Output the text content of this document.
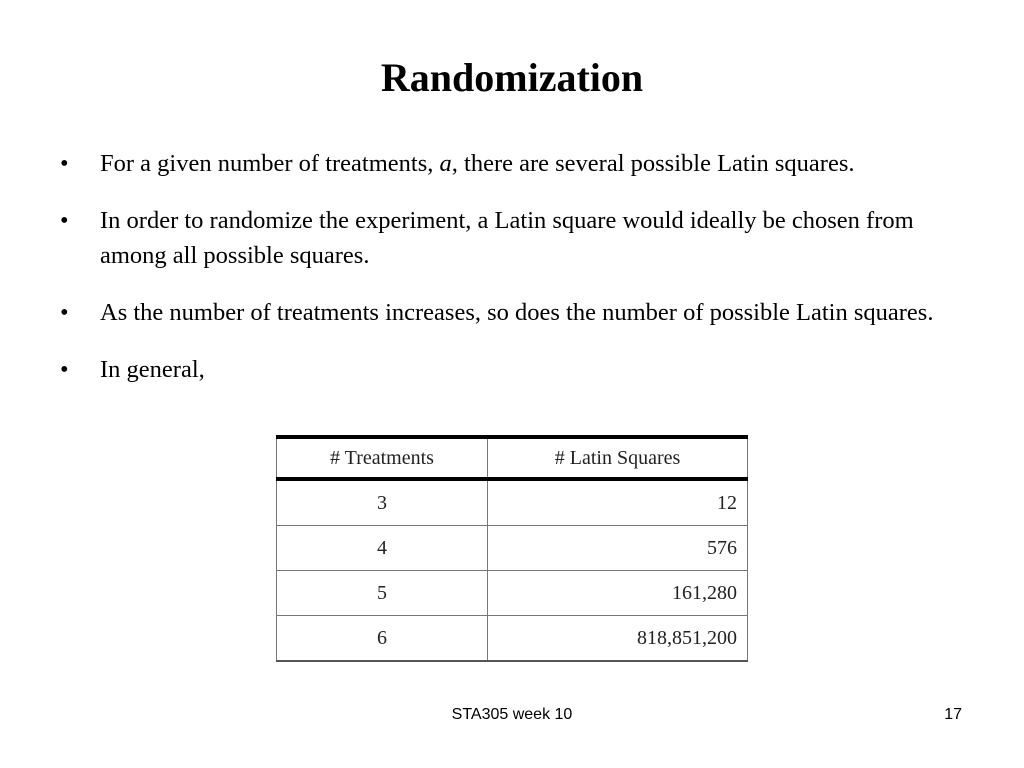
Randomization
• For a given number of treatments, a, there are several possible Latin squares.
• In order to randomize the experiment, a Latin square would ideally be chosen from among all possible squares.
• As the number of treatments increases, so does the number of possible Latin squares.
• In general,
# Treatments	# Latin Squares
3	12
4	576
5	161,280
6	818,851,200
STA305 week 10	17
